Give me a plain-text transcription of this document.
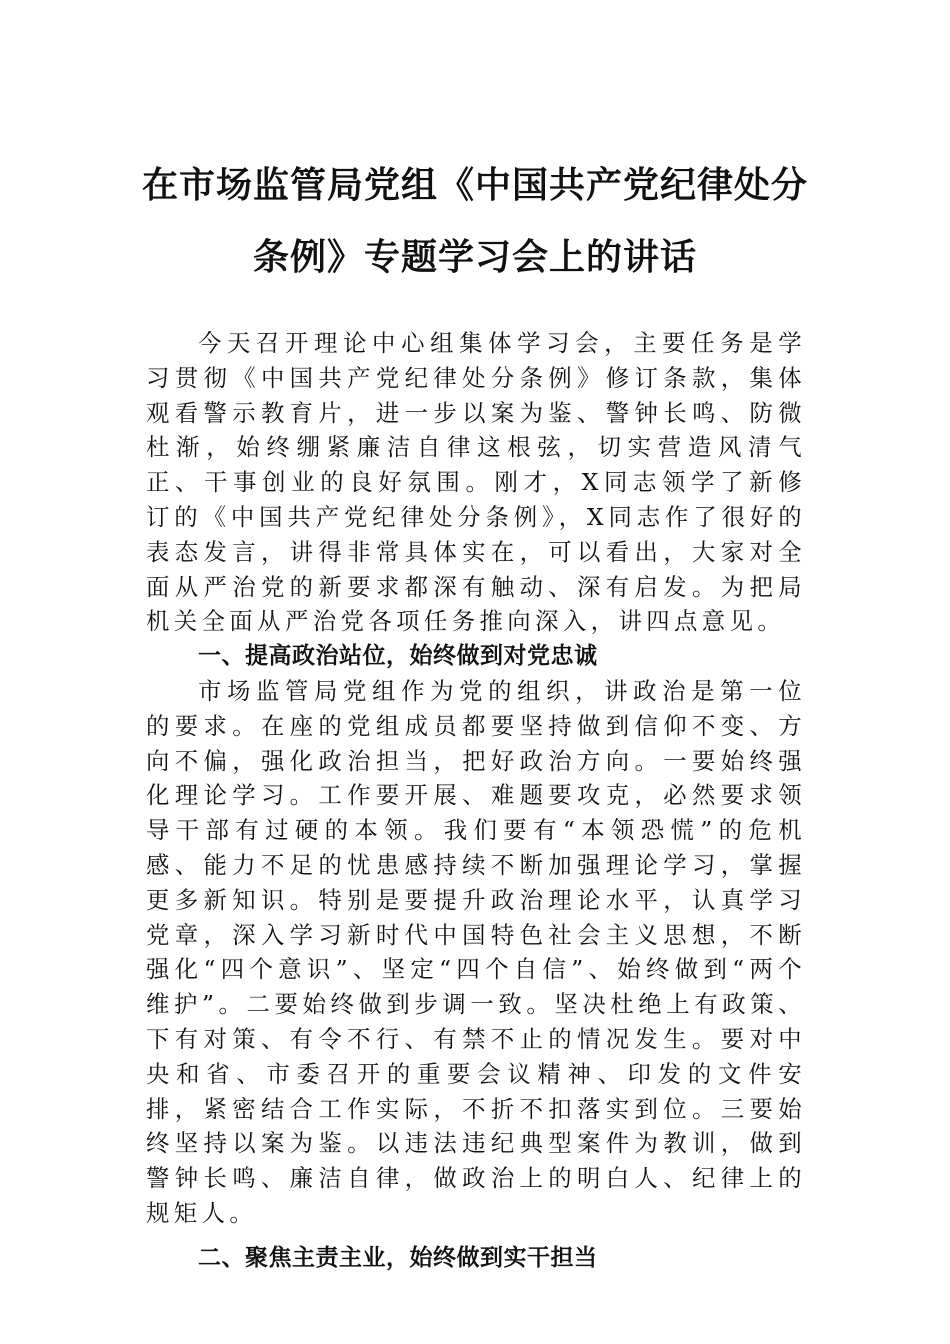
在市场监管局党组《中国共产党纪律处分
条例》专题学习会上的讲话

今天召开理论中心组集体学习会，主要任务是学习贯彻《中国共产党纪律处分条例》修订条款，集体观看警示教育片，进一步以案为鉴、警钟长鸣、防微杜渐，始终绷紧廉洁自律这根弦，切实营造风清气正、干事创业的良好氛围。刚才，X同志领学了新修订的《中国共产党纪律处分条例》，X同志作了很好的表态发言，讲得非常具体实在，可以看出，大家对全面从严治党的新要求都深有触动、深有启发。为把局机关全面从严治党各项任务推向深入，讲四点意见。

一、提高政治站位，始终做到对党忠诚

市场监管局党组作为党的组织，讲政治是第一位的要求。在座的党组成员都要坚持做到信仰不变、方向不偏，强化政治担当，把好政治方向。一要始终强化理论学习。工作要开展、难题要攻克，必然要求领导干部有过硬的本领。我们要有“本领恐慌”的危机感、能力不足的忧患感持续不断加强理论学习，掌握更多新知识。特别是要提升政治理论水平，认真学习党章，深入学习新时代中国特色社会主义思想，不断强化“四个意识”、坚定“四个自信”、始终做到“两个维护”。二要始终做到步调一致。坚决杜绝上有政策、下有对策、有令不行、有禁不止的情况发生。要对中央和省、市委召开的重要会议精神、印发的文件安排，紧密结合工作实际，不折不扣落实到位。三要始终坚持以案为鉴。以违法违纪典型案件为教训，做到警钟长鸣、廉洁自律，做政治上的明白人、纪律上的规矩人。

二、聚焦主责主业，始终做到实干担当
